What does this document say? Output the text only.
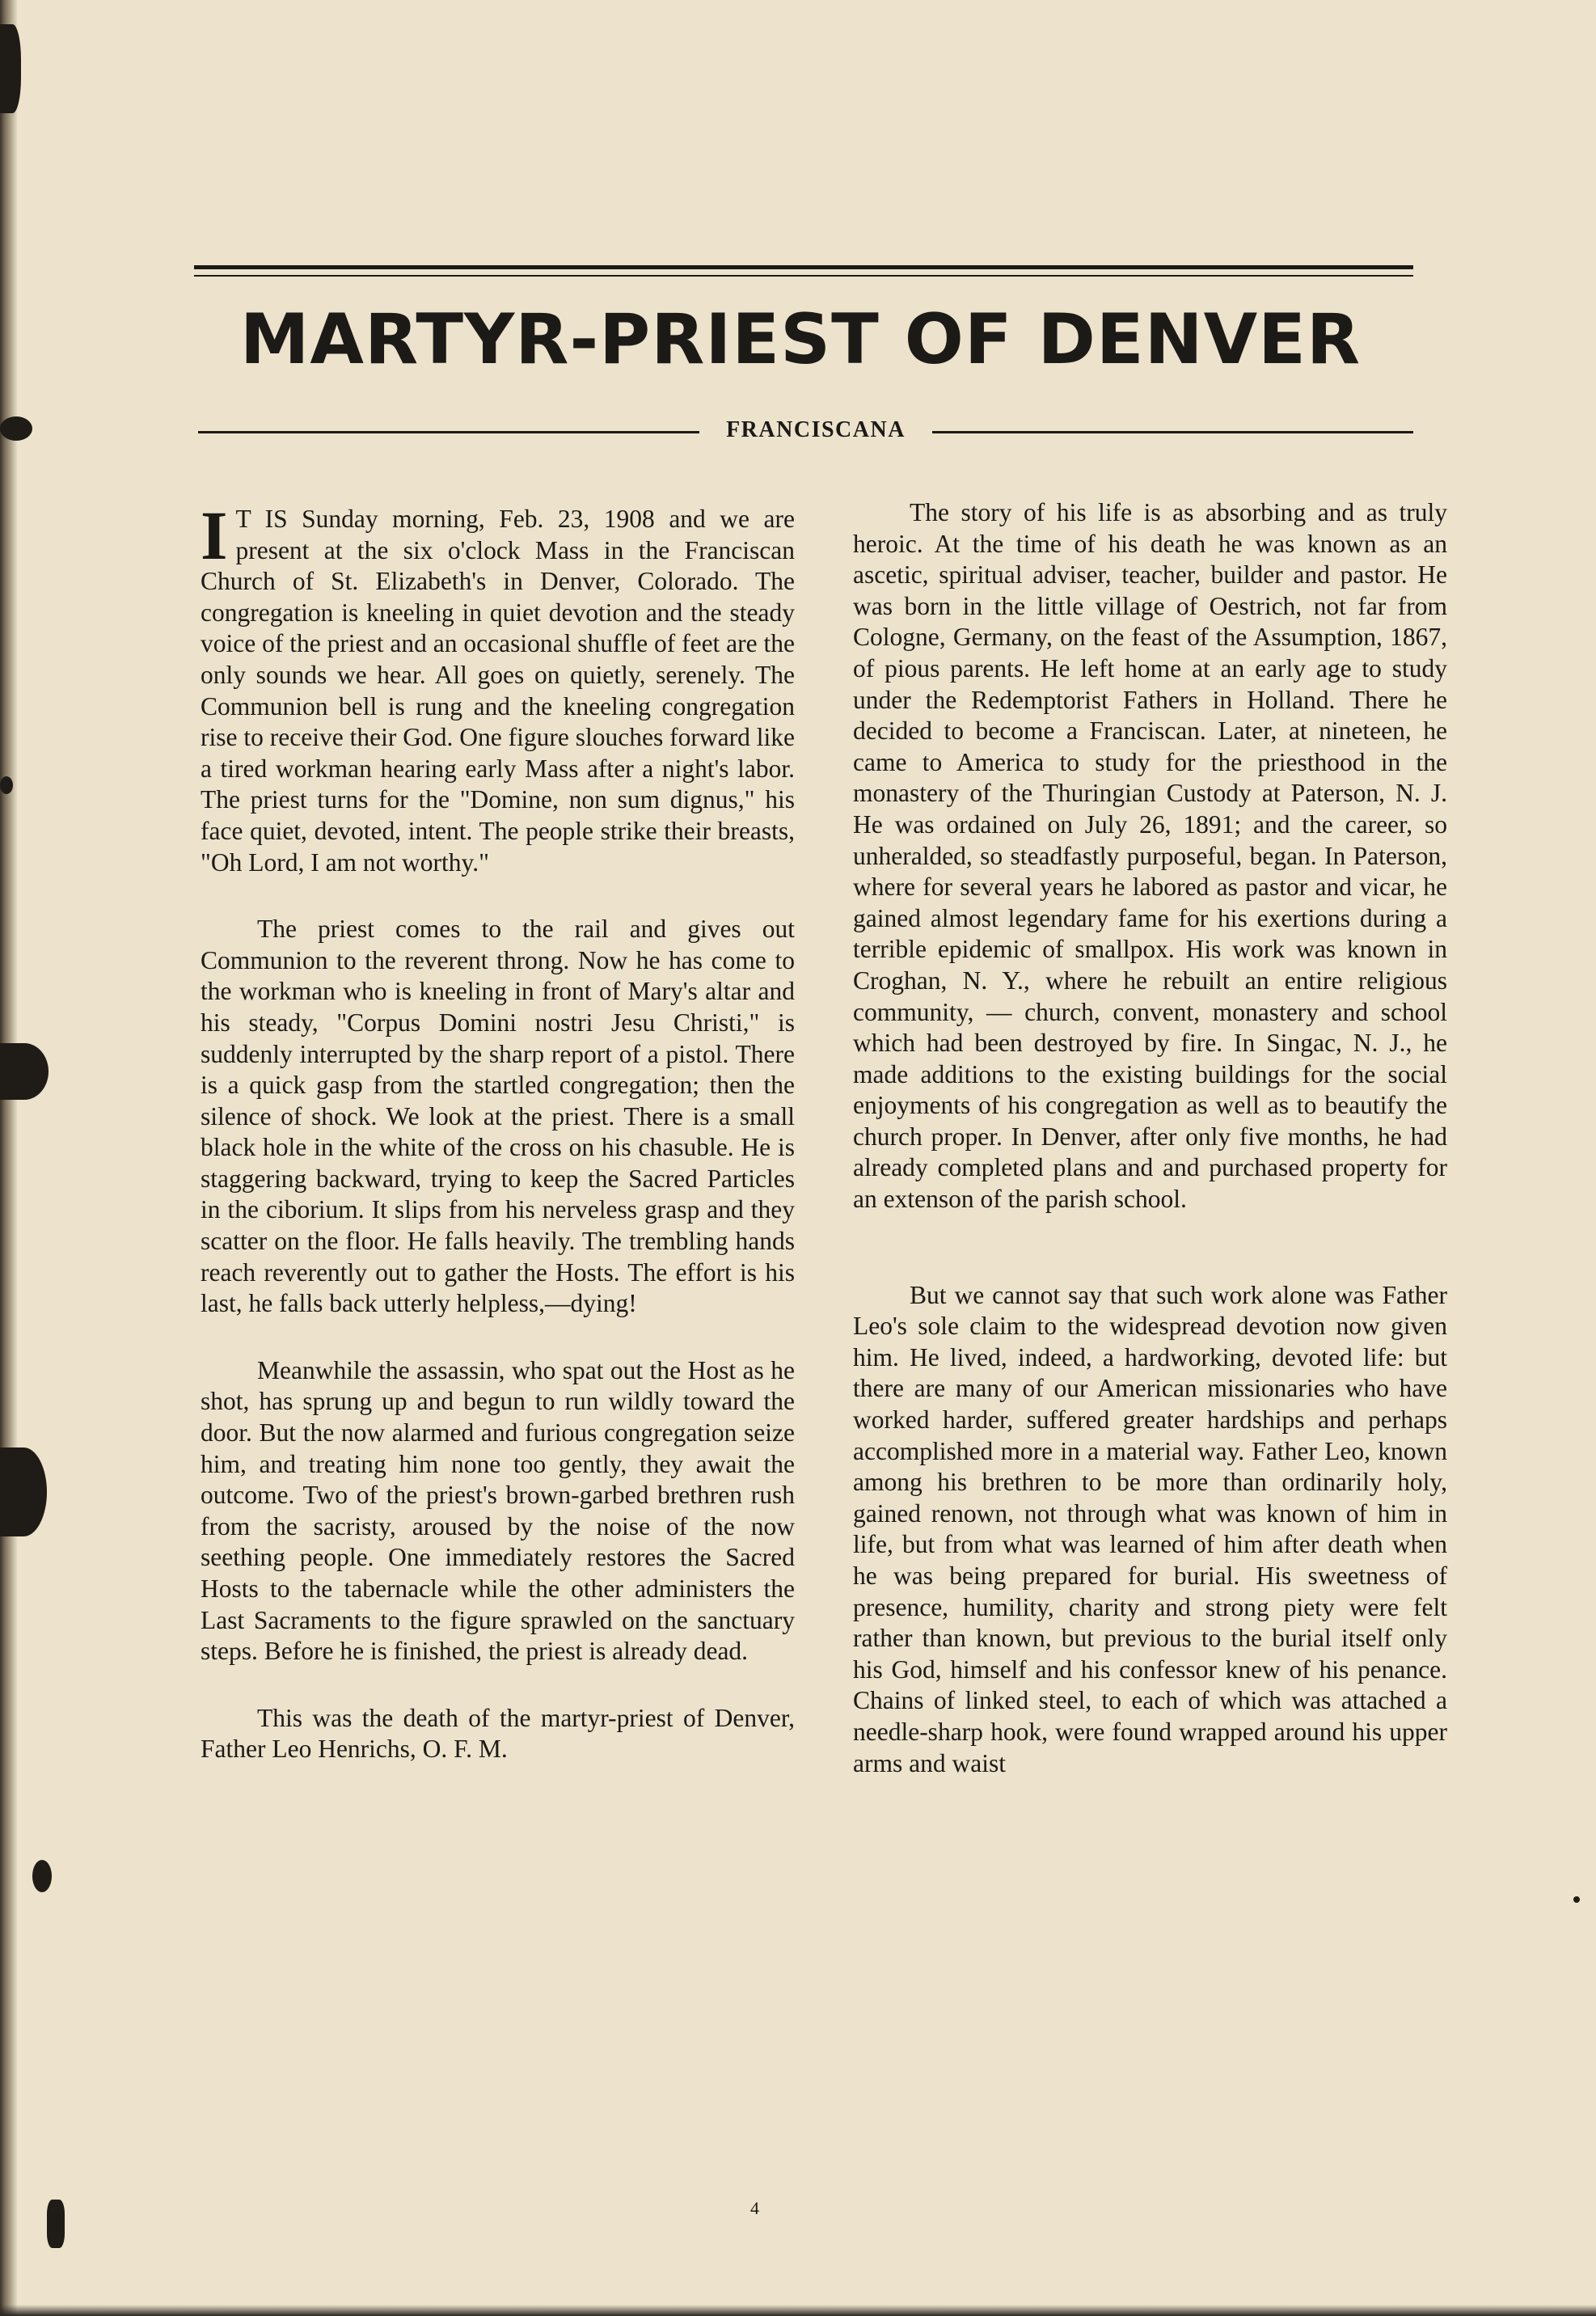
MARTYR-PRIEST OF DENVER
FRANCISCANA

I T IS Sunday morning, Feb. 23, 1908 and we are present at the six o'clock Mass in the Franciscan Church of St. Elizabeth's in Denver, Colorado. The congregation is kneeling in quiet devotion and the steady voice of the priest and an occasional shuffle of feet are the only sounds we hear. All goes on quietly, serenely. The Communion bell is rung and the kneeling congregation rise to receive their God. One figure slouches forward like a tired workman hearing early Mass after a night's labor. The priest turns for the "Domine, non sum dignus," his face quiet, devoted, intent. The people strike their breasts, "Oh Lord, I am not worthy."

The priest comes to the rail and gives out Communion to the reverent throng. Now he has come to the workman who is kneeling in front of Mary's altar and his steady, "Corpus Domini nostri Jesu Christi," is suddenly interrupted by the sharp report of a pistol. There is a quick gasp from the startled congregation; then the silence of shock. We look at the priest. There is a small black hole in the white of the cross on his chasuble. He is staggering backward, trying to keep the Sacred Particles in the ciborium. It slips from his nerveless grasp and they scatter on the floor. He falls heavily. The trembling hands reach reverently out to gather the Hosts. The effort is his last, he falls back utterly helpless,—dying!

Meanwhile the assassin, who spat out the Host as he shot, has sprung up and begun to run wildly toward the door. But the now alarmed and furious congregation seize him, and treating him none too gently, they await the outcome. Two of the priest's brown-garbed brethren rush from the sacristy, aroused by the noise of the now seething people. One immediately restores the Sacred Hosts to the tabernacle while the other administers the Last Sacraments to the figure sprawled on the sanctuary steps. Before he is finished, the priest is already dead.

This was the death of the martyr-priest of Denver, Father Leo Henrichs, O. F. M.

The story of his life is as absorbing and as truly heroic. At the time of his death he was known as an ascetic, spiritual adviser, teacher, builder and pastor. He was born in the little village of Oestrich, not far from Cologne, Germany, on the feast of the Assumption, 1867, of pious parents. He left home at an early age to study under the Redemptorist Fathers in Holland. There he decided to become a Franciscan. Later, at nineteen, he came to America to study for the priesthood in the monastery of the Thuringian Custody at Paterson, N. J. He was ordained on July 26, 1891; and the career, so unheralded, so steadfastly purposeful, began. In Paterson, where for several years he labored as pastor and vicar, he gained almost legendary fame for his exertions during a terrible epidemic of smallpox. His work was known in Croghan, N. Y., where he rebuilt an entire religious community, — church, convent, monastery and school which had been destroyed by fire. In Singac, N. J., he made additions to the existing buildings for the social enjoyments of his congregation as well as to beautify the church proper. In Denver, after only five months, he had already completed plans and and purchased property for an extenson of the parish school.

But we cannot say that such work alone was Father Leo's sole claim to the widespread devotion now given him. He lived, indeed, a hardworking, devoted life: but there are many of our American missionaries who have worked harder, suffered greater hardships and perhaps accomplished more in a material way. Father Leo, known among his brethren to be more than ordinarily holy, gained renown, not through what was known of him in life, but from what was learned of him after death when he was being prepared for burial. His sweetness of presence, humility, charity and strong piety were felt rather than known, but previous to the burial itself only his God, himself and his confessor knew of his penance. Chains of linked steel, to each of which was attached a needle-sharp hook, were found wrapped around his upper arms and waist

4
